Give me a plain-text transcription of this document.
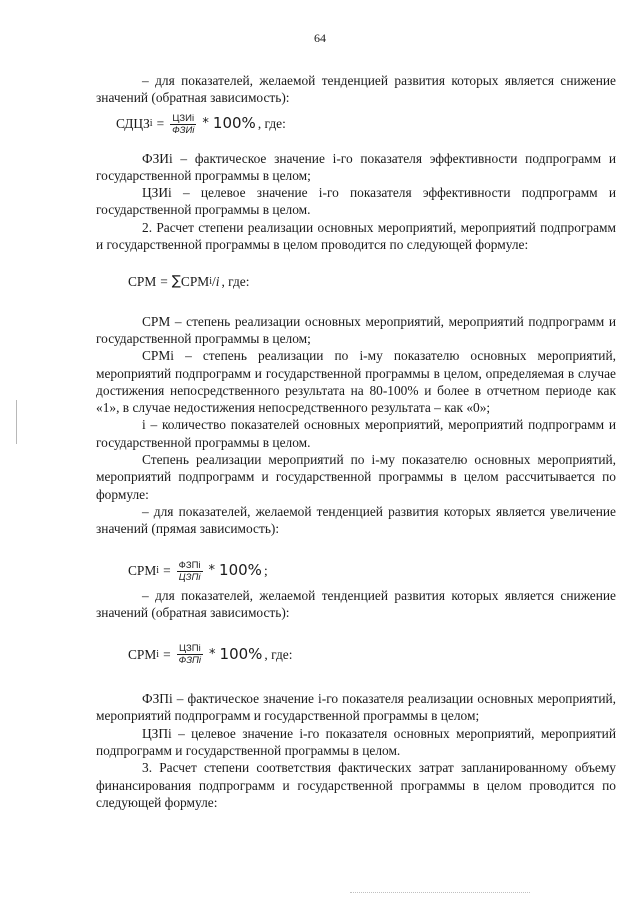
64

– для показателей, желаемой тенденцией развития которых является снижение значений (обратная зависимость):

СДЦЗ $i = \frac{\text{ЦЗИi}}{\text{ФЗИi}} * 100\%$ , где:

ФЗИi – фактическое значение i-го показателя эффективности подпрограмм и государственной программы в целом;

ЦЗИi – целевое значение i-го показателя эффективности подпрограмм и государственной программы в целом.

2. Расчет степени реализации основных мероприятий, мероприятий подпрограмм и государственной программы в целом проводится по следующей формуле:

СРМ = ∑ СРМ i / i , где:

СРМ – степень реализации основных мероприятий, мероприятий подпрограмм и государственной программы в целом;

СРМi – степень реализации по i-му показателю основных мероприятий, мероприятий подпрограмм и государственной программы в целом, определяемая в случае достижения непосредственного результата на 80-100% и более в отчетном периоде как «1», в случае недостижения непосредственного результата – как «0»;

i – количество показателей основных мероприятий, мероприятий подпрограмм и государственной программы в целом.

Степень реализации мероприятий по i-му показателю основных мероприятий, мероприятий подпрограмм и государственной программы в целом рассчитывается по формуле:

– для показателей, желаемой тенденцией развития которых является увеличение значений (прямая зависимость):

СРМ $i = \frac{\text{ФЗПi}}{\text{ЦЗПi}} * 100\%$ ;

– для показателей, желаемой тенденцией развития которых является снижение значений (обратная зависимость):

СРМ $i = \frac{\text{ЦЗПi}}{\text{ФЗПi}} * 100\%$ , где:

ФЗПi – фактическое значение i-го показателя реализации основных мероприятий, мероприятий подпрограмм и государственной программы в целом;

ЦЗПi – целевое значение i-го показателя основных мероприятий, мероприятий подпрограмм и государственной программы в целом.

3. Расчет степени соответствия фактических затрат запланированному объему финансирования подпрограмм и государственной программы в целом проводится по следующей формуле:
